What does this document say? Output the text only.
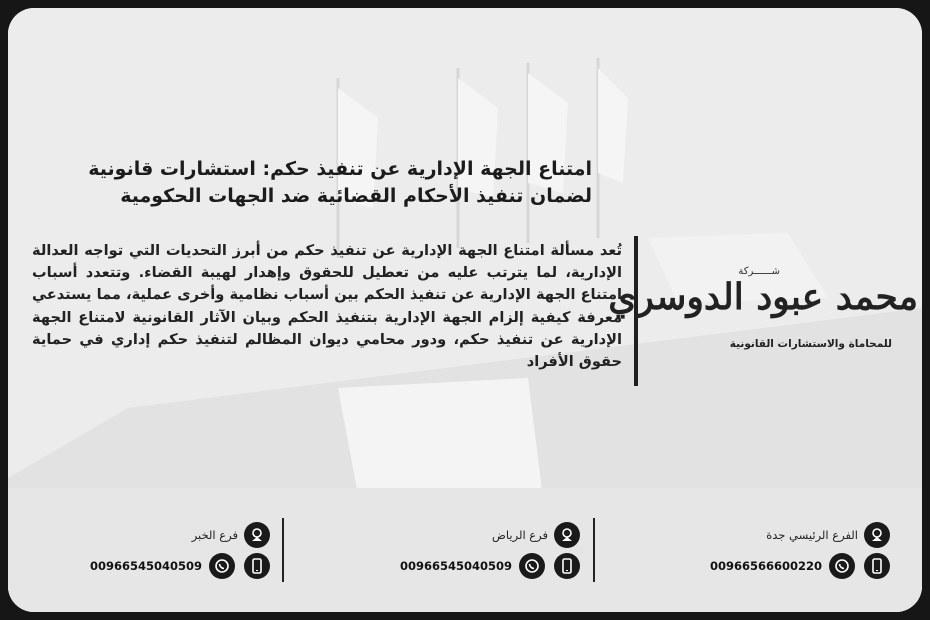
امتناع الجهة الإدارية عن تنفيذ حكم: استشارات قانونية لضمان تنفيذ الأحكام القضائية ضد الجهات الحكومية
تُعد مسألة امتناع الجهة الإدارية عن تنفيذ حكم من أبرز التحديات التي تواجه العدالة الإدارية، لما يترتب عليه من تعطيل للحقوق وإهدار لهيبة القضاء. وتتعدد أسباب امتناع الجهة الإدارية عن تنفيذ الحكم بين أسباب نظامية وأخرى عملية، مما يستدعي معرفة كيفية إلزام الجهة الإدارية بتنفيذ الحكم وبيان الآثار القانونية لامتناع الجهة الإدارية عن تنفيذ حكم، ودور محامي ديوان المظالم لتنفيذ حكم إداري في حماية حقوق الأفراد
شــــــركة
محمد عبود الدوسري
للمحاماة والاستشارات القانونية
الفرع الرئيسي جدة
00966566600220
فرع الرياض
00966545040509
فرع الخبر
00966545040509
